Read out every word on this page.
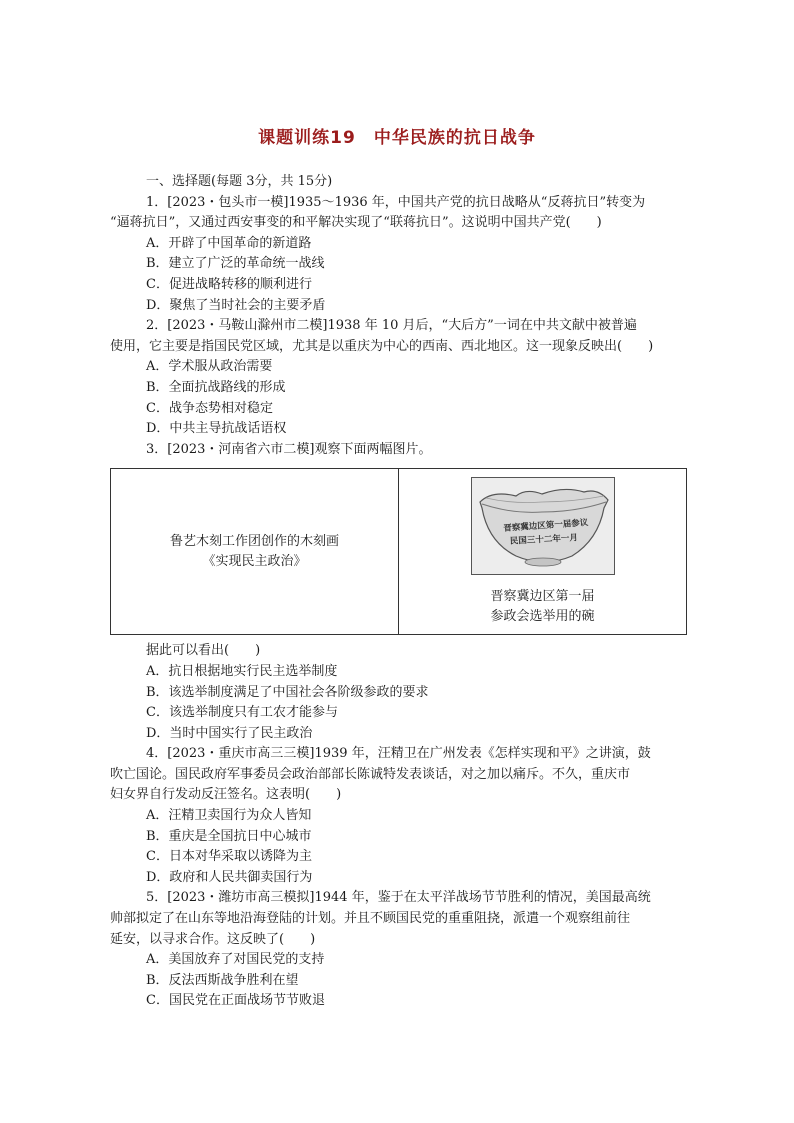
课题训练19　中华民族的抗日战争
一、选择题(每题 3分，共 15分)
1．[2023・包头市一模]1935～1936 年，中国共产党的抗日战略从“反蒋抗日”转变为
“逼蒋抗日”，又通过西安事变的和平解决实现了“联蒋抗日”。这说明中国共产党(　　)
A．开辟了中国革命的新道路
B．建立了广泛的革命统一战线
C．促进战略转移的顺利进行
D．聚焦了当时社会的主要矛盾
2．[2023・马鞍山滁州市二模]1938 年 10 月后，“大后方”一词在中共文献中被普遍
使用，它主要是指国民党区域，尤其是以重庆为中心的西南、西北地区。这一现象反映出(　　)
A．学术服从政治需要
B．全面抗战路线的形成
C．战争态势相对稳定
D．中共主导抗战话语权
3．[2023・河南省六市二模]观察下面两幅图片。
鲁艺木刻工作团创作的木刻画
《实现民主政治》
晋察冀边区第一届参议
民国三十二年一月
晋察冀边区第一届
参政会选举用的碗
据此可以看出(　　)
A．抗日根据地实行民主选举制度
B．该选举制度满足了中国社会各阶级参政的要求
C．该选举制度只有工农才能参与
D．当时中国实行了民主政治
4．[2023・重庆市高三三模]1939 年，汪精卫在广州发表《怎样实现和平》之讲演，鼓
吹亡国论。国民政府军事委员会政治部部长陈诚特发表谈话，对之加以痛斥。不久，重庆市
妇女界自行发动反汪签名。这表明(　　)
A．汪精卫卖国行为众人皆知
B．重庆是全国抗日中心城市
C．日本对华采取以诱降为主
D．政府和人民共御卖国行为
5．[2023・潍坊市高三模拟]1944 年，鉴于在太平洋战场节节胜利的情况，美国最高统
帅部拟定了在山东等地沿海登陆的计划。并且不顾国民党的重重阻挠，派遣一个观察组前往
延安，以寻求合作。这反映了(　　)
A．美国放弃了对国民党的支持
B．反法西斯战争胜利在望
C．国民党在正面战场节节败退
